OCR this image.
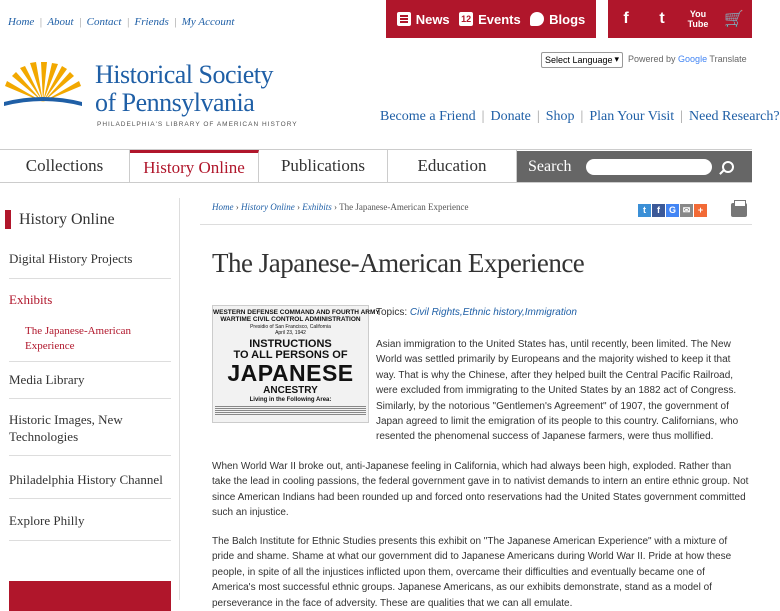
Home | About | Contact | Friends | My Account	News 12 Events Blogs	f	t	You Tube 🛒
Select Language ▾	Powered by Google Translate
Historical Society
of Pennsylvania
PHILADELPHIA'S LIBRARY OF AMERICAN HISTORY
Become a Friend | Donate | Shop | Plan Your Visit | Need Research?
Collections	History Online	Publications	Education	Search
History Online
Digital History Projects
Exhibits
The Japanese-American Experience
Media Library
Historic Images, New Technologies
Philadelphia History Channel
Explore Philly
Home › History Online › Exhibits › The Japanese-American Experience	t	f G ✉ +
The Japanese-American Experience
WESTERN DEFENSE COMMAND AND FOURTH ARMY
WARTIME CIVIL CONTROL ADMINISTRATION
Presidio of San Francisco, California
April 23, 1942
INSTRUCTIONS
TO ALL PERSONS OF
JAPANESE
ANCESTRY
Living in the Following Area:
Topics: Civil Rights,Ethnic history,Immigration

Asian immigration to the United States has, until recently, been limited. The New World was settled primarily by Europeans and the majority wished to keep it that way. That is why the Chinese, after they helped built the Central Pacific Railroad, were excluded from immigrating to the United States by an 1882 act of Congress. Similarly, by the notorious "Gentlemen's Agreement" of 1907, the government of Japan agreed to limit the emigration of its people to this country. Californians, who resented the phenomenal success of Japanese farmers, were thus mollified.

When World War II broke out, anti-Japanese feeling in California, which had always been high, exploded. Rather than take the lead in cooling passions, the federal government gave in to nativist demands to intern an entire ethnic group. Not since American Indians had been rounded up and forced onto reservations had the United States government committed such an injustice.

The Balch Institute for Ethnic Studies presents this exhibit on "The Japanese American Experience" with a mixture of pride and shame. Shame at what our government did to Japanese Americans during World War II. Pride at how these people, in spite of all the injustices inflicted upon them, overcame their difficulties and eventually became one of America's most successful ethnic groups. Japanese Americans, as our exhibits demonstrate, stand as a model of perseverance in the face of adversity. These are qualities that we can all emulate.
